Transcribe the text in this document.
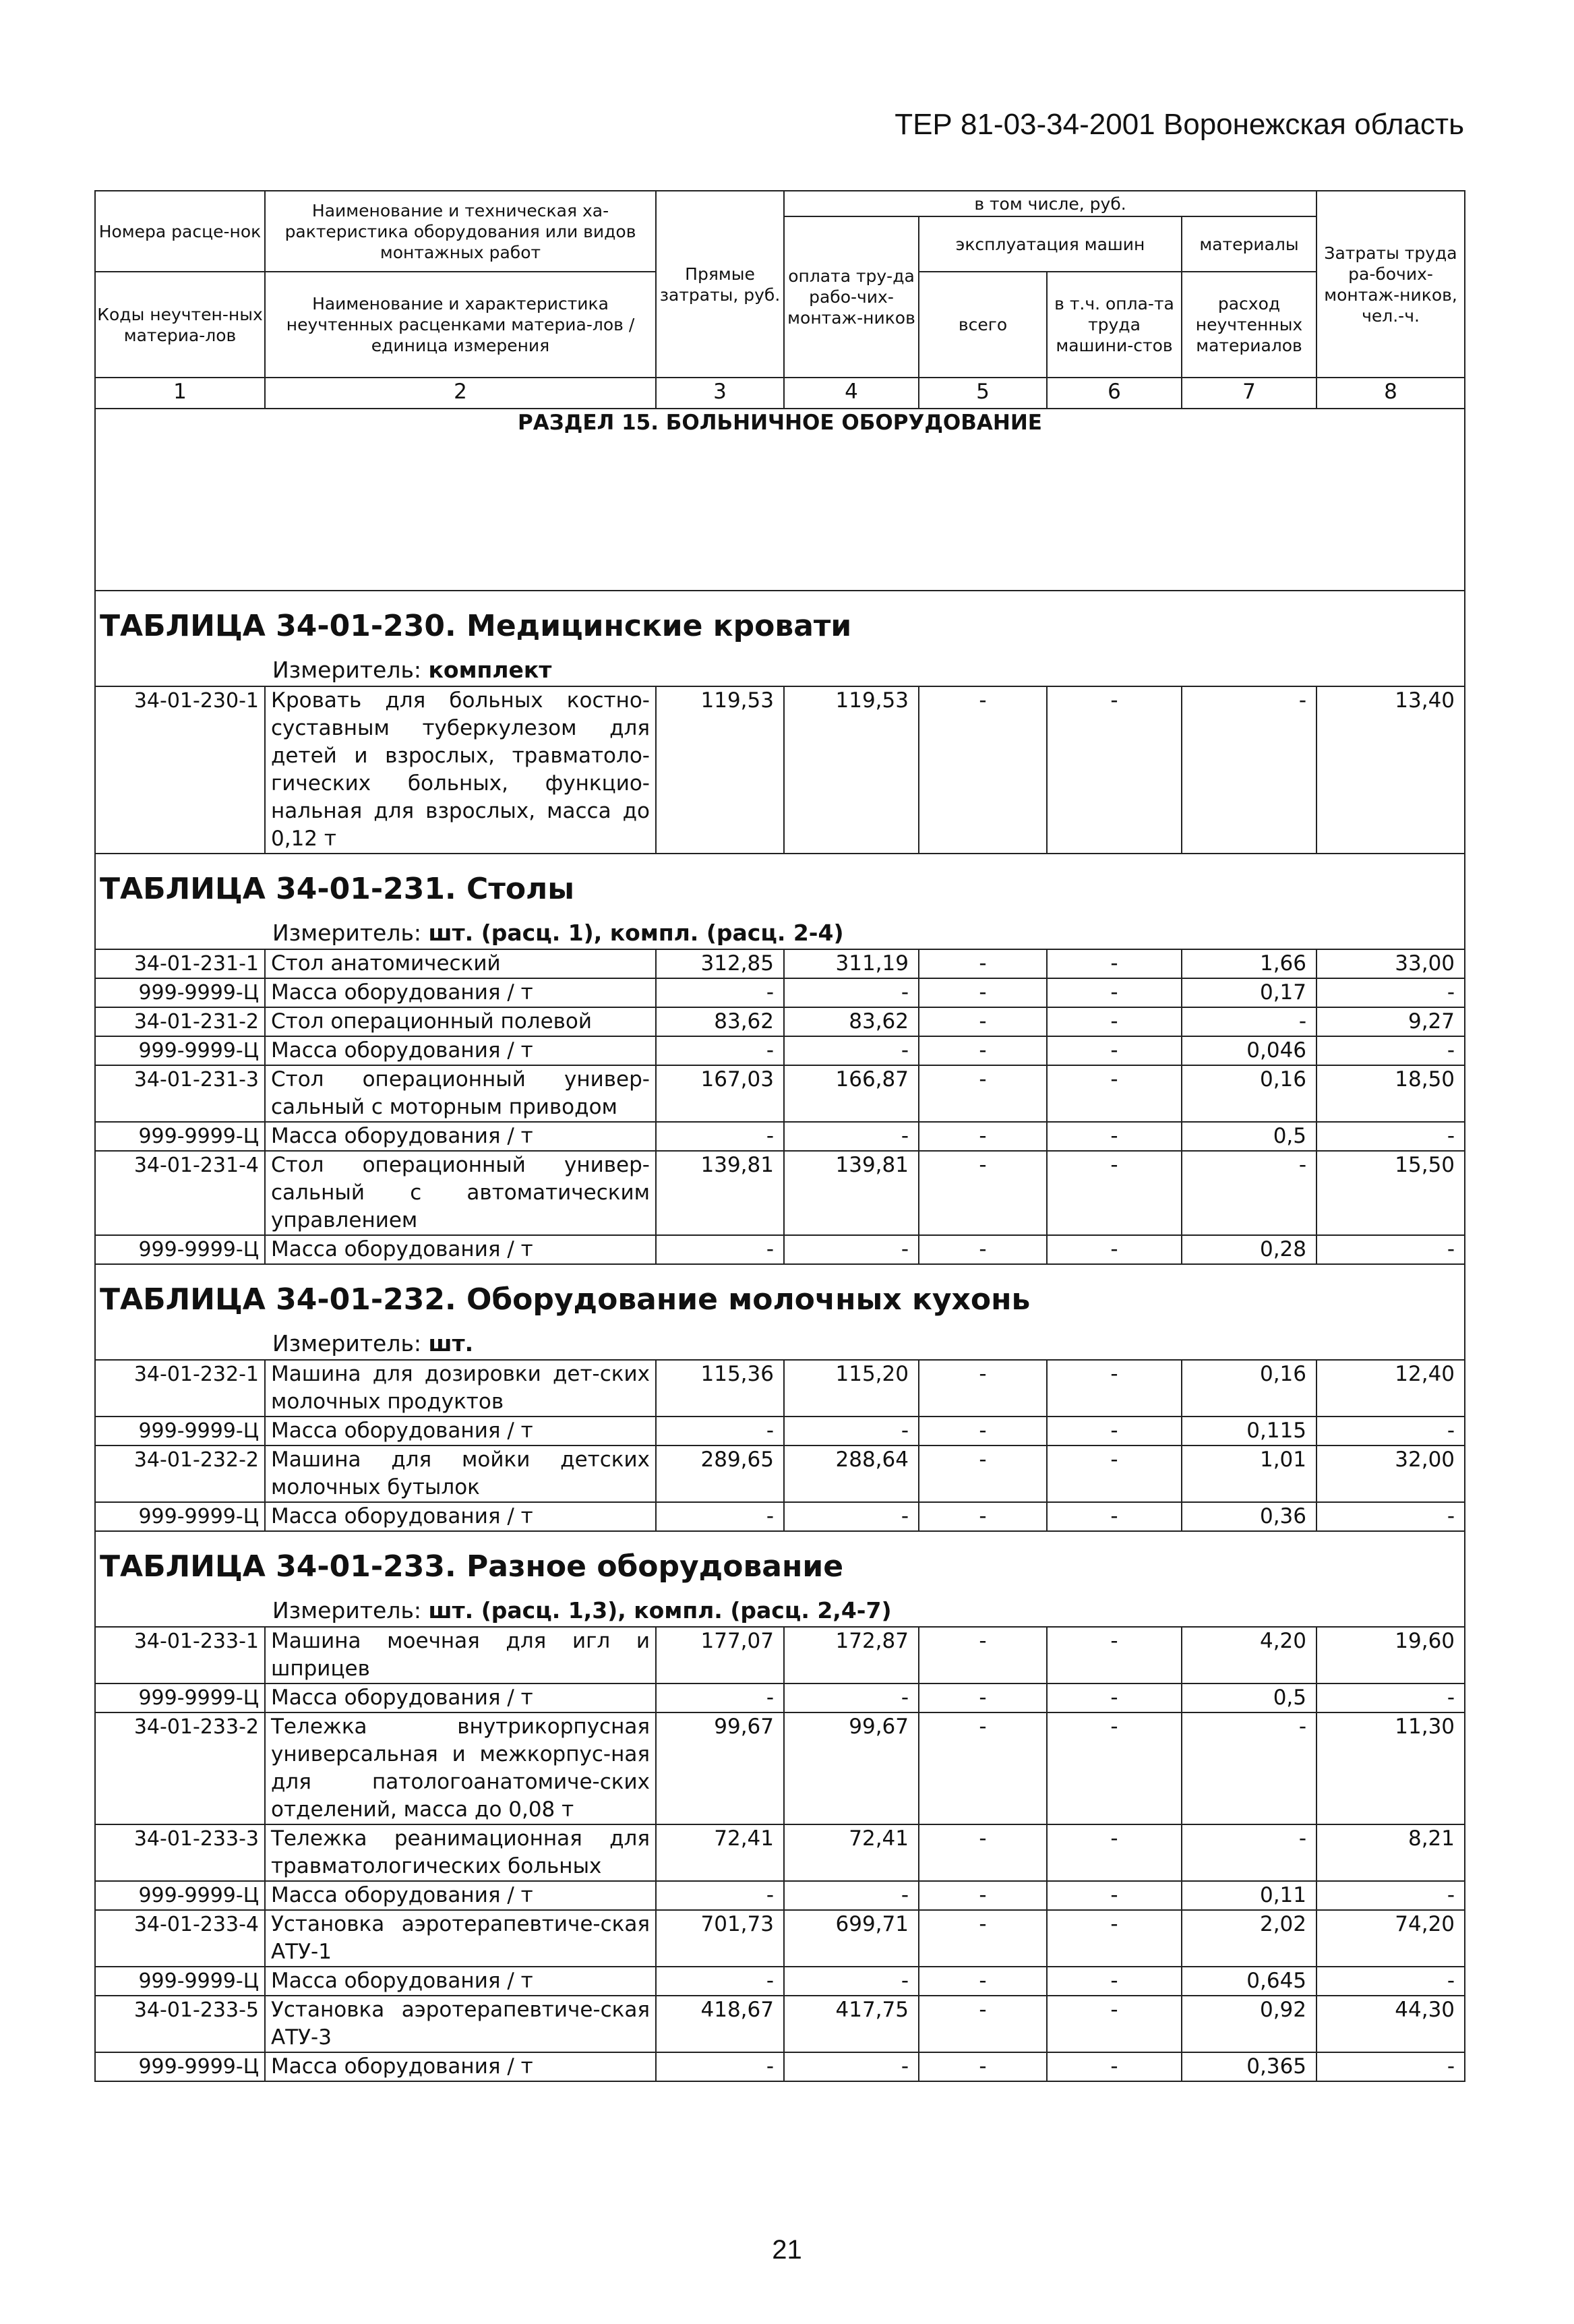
ТЕР 81-03-34-2001 Воронежская область
Номера расце-нок	Наименование и техническая ха-рактеристика оборудования или видов монтажных работ	Прямые затраты, руб.	в том числе, руб.				Затраты труда ра-бочих-монтаж-ников, чел.-ч.
			оплата тру-да рабо-чих-монтаж-ников	эксплуатация машин		материалы	
Коды неучтен-ных материа-лов	Наименование и характеристика неучтенных расценками материа-лов / единица измерения			всего	в т.ч. опла-та труда машини-стов	расход неучтенных материалов	

1	2	3	4	5	6	7	8
РАЗДЕЛ 15. БОЛЬНИЧНОЕ ОБОРУДОВАНИЕ							
ТАБЛИЦА 34-01-230. Медицинские кровати							
Измеритель: комплект							
34-01-230-1	Кровать для больных костно-суставным туберкулезом для детей и взрослых, травматоло-гических больных, функцио-нальная для взрослых, масса до 0,12 т	119,53	119,53	-	-	-	13,40
ТАБЛИЦА 34-01-231. Столы							
Измеритель: шт. (расц. 1), компл. (расц. 2-4)							
34-01-231-1	Стол анатомический	312,85	311,19	-	-	1,66	33,00
999-9999-Ц	Масса оборудования / т	-	-	-	-	0,17	-
34-01-231-2	Стол операционный полевой	83,62	83,62	-	-	-	9,27
999-9999-Ц	Масса оборудования / т	-	-	-	-	0,046	-
34-01-231-3	Стол операционный универ-сальный с моторным приводом	167,03	166,87	-	-	0,16	18,50
999-9999-Ц	Масса оборудования / т	-	-	-	-	0,5	-
34-01-231-4	Стол операционный универ-сальный с автоматическим управлением	139,81	139,81	-	-	-	15,50
999-9999-Ц	Масса оборудования / т	-	-	-	-	0,28	-
ТАБЛИЦА 34-01-232. Оборудование молочных кухонь							
Измеритель: шт.							
34-01-232-1	Машина для дозировки дет-ских молочных продуктов	115,36	115,20	-	-	0,16	12,40
999-9999-Ц	Масса оборудования / т	-	-	-	-	0,115	-
34-01-232-2	Машина для мойки детских молочных бутылок	289,65	288,64	-	-	1,01	32,00
999-9999-Ц	Масса оборудования / т	-	-	-	-	0,36	-
ТАБЛИЦА 34-01-233. Разное оборудование							
Измеритель: шт. (расц. 1,3), компл. (расц. 2,4-7)							
34-01-233-1	Машина моечная для игл и шприцев	177,07	172,87	-	-	4,20	19,60
999-9999-Ц	Масса оборудования / т	-	-	-	-	0,5	-
34-01-233-2	Тележка внутрикорпусная универсальная и межкорпус-ная для патологоанатомиче-ских отделений, масса до 0,08 т	99,67	99,67	-	-	-	11,30
34-01-233-3	Тележка реанимационная для травматологических больных	72,41	72,41	-	-	-	8,21
999-9999-Ц	Масса оборудования / т	-	-	-	-	0,11	-
34-01-233-4	Установка аэротерапевтиче-ская АТУ-1	701,73	699,71	-	-	2,02	74,20
999-9999-Ц	Масса оборудования / т	-	-	-	-	0,645	-
34-01-233-5	Установка аэротерапевтиче-ская АТУ-3	418,67	417,75	-	-	0,92	44,30
999-9999-Ц	Масса оборудования / т	-	-	-	-	0,365	-
21
